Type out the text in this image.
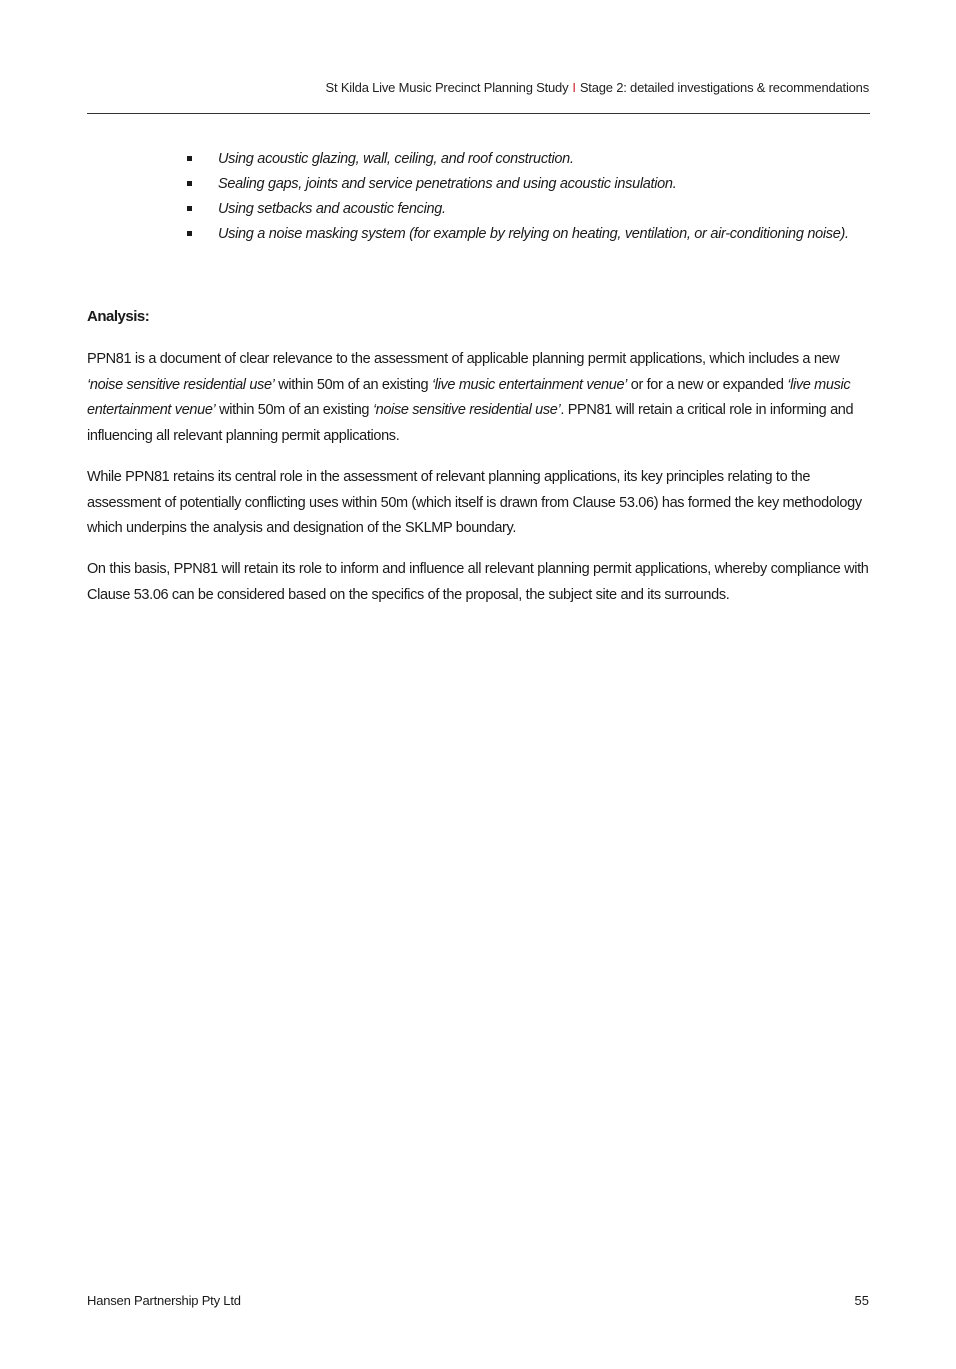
St Kilda Live Music Precinct Planning Study I Stage 2: detailed investigations & recommendations
Using acoustic glazing, wall, ceiling, and roof construction.
Sealing gaps, joints and service penetrations and using acoustic insulation.
Using setbacks and acoustic fencing.
Using a noise masking system (for example by relying on heating, ventilation, or air-conditioning noise).
Analysis:

PPN81 is a document of clear relevance to the assessment of applicable planning permit applications, which includes a new ‘noise sensitive residential use’ within 50m of an existing ‘live music entertainment venue’ or for a new or expanded ‘live music entertainment venue’ within 50m of an existing ‘noise sensitive residential use’. PPN81 will retain a critical role in informing and influencing all relevant planning permit applications.

While PPN81 retains its central role in the assessment of relevant planning applications, its key principles relating to the assessment of potentially conflicting uses within 50m (which itself is drawn from Clause 53.06) has formed the key methodology which underpins the analysis and designation of the SKLMP boundary.

On this basis, PPN81 will retain its role to inform and influence all relevant planning permit applications, whereby compliance with Clause 53.06 can be considered based on the specifics of the proposal, the subject site and its surrounds.

Hansen Partnership Pty Ltd	55
